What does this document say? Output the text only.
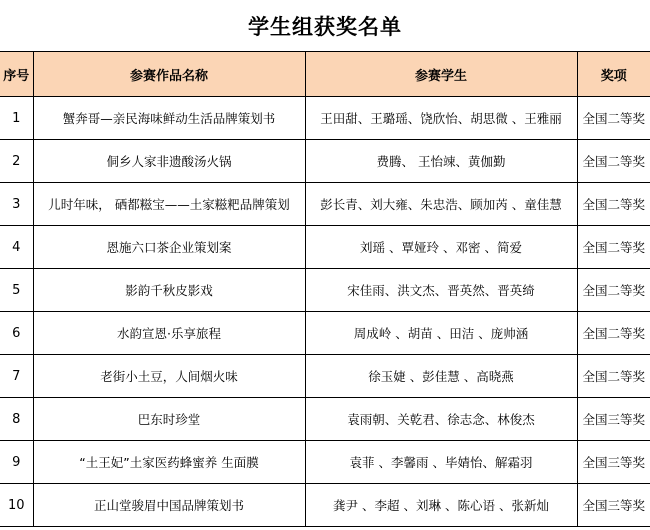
学生组获奖名单
序号	参赛作品名称	参赛学生	奖项
1	蟹奔哥—亲民海味鲜动生活品牌策划书	王田甜、王璐瑶、饶欣怡、胡思微 、王雅丽	全国二等奖
2	侗乡人家非遗酸汤火锅	费腾、 王怡竦、黄伽勤	全国二等奖
3	儿时年味， 硒都糍宝——土家糍粑品牌策划	彭长青、刘大雍、朱忠浩、顾加芮 、童佳慧	全国二等奖
4	恩施六口茶企业策划案	刘瑶 、覃娅玲 、邓密 、简爱	全国二等奖
5	影韵千秋皮影戏	宋佳雨、洪文杰、晋英然、晋英绮	全国二等奖
6	水韵宣恩·乐享旅程	周成岭 、胡苗 、田洁 、庞帅涵	全国二等奖
7	老街小土豆，人间烟火味	徐玉婕 、彭佳慧 、高晓燕	全国二等奖
8	巴东时珍堂	袁雨朝、关乾君、徐志念、林俊杰	全国三等奖
9	“土王妃”土家医药蜂蜜养 生面膜	袁菲 、李馨雨 、毕婧怡、解霜羽	全国三等奖
10	正山堂骏眉中国品牌策划书	龚尹 、李超 、刘琳 、陈心语 、张新灿	全国三等奖
